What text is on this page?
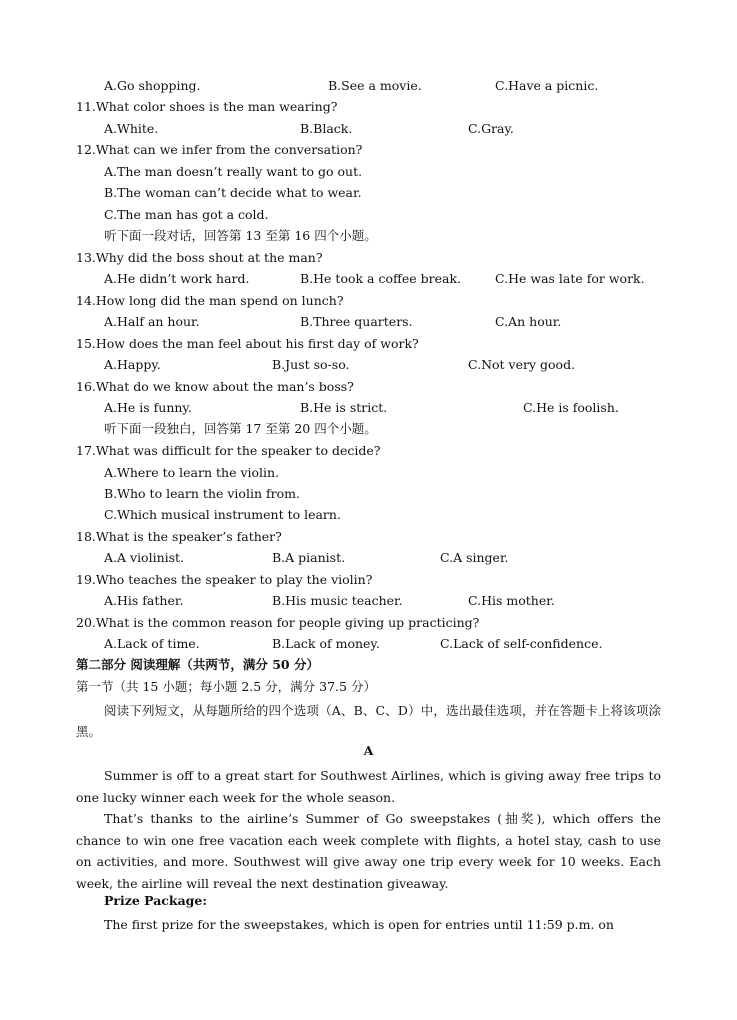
A.Go shopping.	B.See a movie.	C.Have a picnic.
11.What color shoes is the man wearing?
A.White.	B.Black.	C.Gray.
12.What can we infer from the conversation?
A.The man doesn’t really want to go out.
B.The woman can’t decide what to wear.
C.The man has got a cold.
听下面一段对话，回答第 13 至第 16 四个小题。
13.Why did the boss shout at the man?
A.He didn’t work hard.	B.He took a coffee break.	C.He was late for work.
14.How long did the man spend on lunch?
A.Half an hour.	B.Three quarters.	C.An hour.
15.How does the man feel about his first day of work?
A.Happy.	B.Just so-so.	C.Not very good.
16.What do we know about the man’s boss?
A.He is funny.	B.He is strict.	C.He is foolish.
听下面一段独白，回答第 17 至第 20 四个小题。
17.What was difficult for the speaker to decide?
A.Where to learn the violin.
B.Who to learn the violin from.
C.Which musical instrument to learn.
18.What is the speaker’s father?
A.A violinist.	B.A pianist.	C.A singer.
19.Who teaches the speaker to play the violin?
A.His father.	B.His music teacher.	C.His mother.
20.What is the common reason for people giving up practicing?
A.Lack of time.	B.Lack of money.	C.Lack of self-confidence.
第二部分 阅读理解（共两节，满分 50 分）
第一节（共 15 小题；每小题 2.5 分，满分 37.5 分）
阅读下列短文，从每题所给的四个选项（A、B、C、D）中，选出最佳选项，并在答题卡上将该项涂黑。
A
Summer is off to a great start for Southwest Airlines, which is giving away free trips to one lucky winner each week for the whole season.
That’s thanks to the airline’s Summer of Go sweepstakes (抽奖), which offers the chance to win one free vacation each week complete with flights, a hotel stay, cash to use on activities, and more. Southwest will give away one trip every week for 10 weeks. Each week, the airline will reveal the next destination giveaway.
Prize Package:
The first prize for the sweepstakes, which is open for entries until 11:59 p.m. on
